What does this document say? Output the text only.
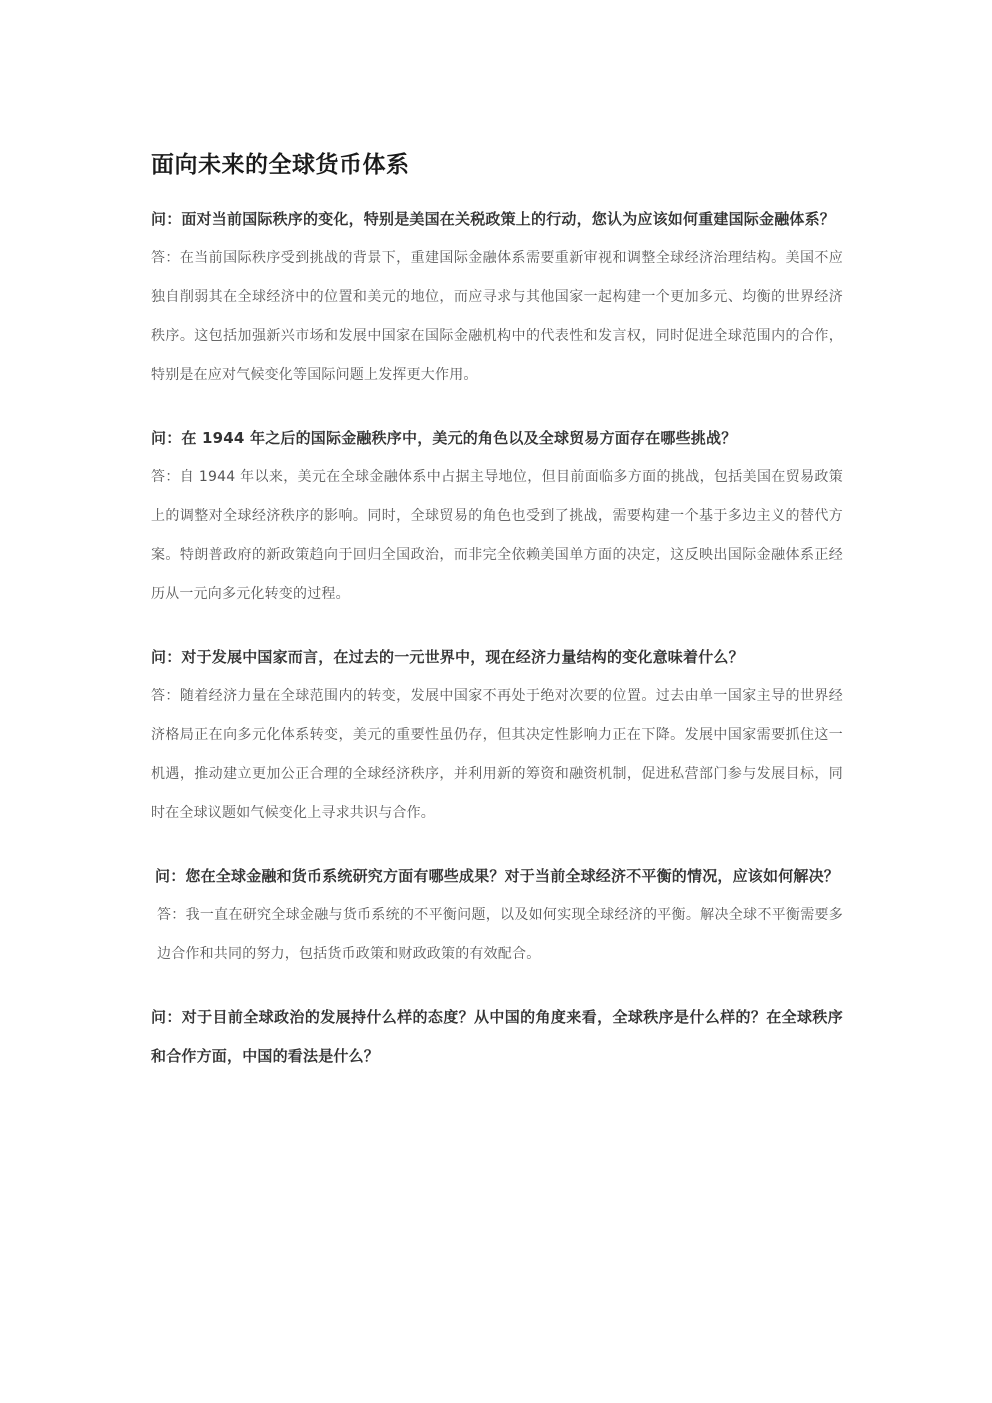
面向未来的全球货币体系

问：面对当前国际秩序的变化，特别是美国在关税政策上的行动，您认为应该如何重建国际金融体系？

答：在当前国际秩序受到挑战的背景下，重建国际金融体系需要重新审视和调整全球经济治理结构。美国不应独自削弱其在全球经济中的位置和美元的地位，而应寻求与其他国家一起构建一个更加多元、均衡的世界经济秩序。这包括加强新兴市场和发展中国家在国际金融机构中的代表性和发言权，同时促进全球范围内的合作，特别是在应对气候变化等国际问题上发挥更大作用。

问：在 1944 年之后的国际金融秩序中，美元的角色以及全球贸易方面存在哪些挑战？

答：自 1944 年以来，美元在全球金融体系中占据主导地位，但目前面临多方面的挑战，包括美国在贸易政策上的调整对全球经济秩序的影响。同时，全球贸易的角色也受到了挑战，需要构建一个基于多边主义的替代方案。特朗普政府的新政策趋向于回归全国政治，而非完全依赖美国单方面的决定，这反映出国际金融体系正经历从一元向多元化转变的过程。

问：对于发展中国家而言，在过去的一元世界中，现在经济力量结构的变化意味着什么？

答：随着经济力量在全球范围内的转变，发展中国家不再处于绝对次要的位置。过去由单一国家主导的世界经济格局正在向多元化体系转变，美元的重要性虽仍存，但其决定性影响力正在下降。发展中国家需要抓住这一机遇，推动建立更加公正合理的全球经济秩序，并利用新的筹资和融资机制，促进私营部门参与发展目标，同时在全球议题如气候变化上寻求共识与合作。

问：您在全球金融和货币系统研究方面有哪些成果？对于当前全球经济不平衡的情况，应该如何解决？

答：我一直在研究全球金融与货币系统的不平衡问题，以及如何实现全球经济的平衡。解决全球不平衡需要多边合作和共同的努力，包括货币政策和财政政策的有效配合。

问：对于目前全球政治的发展持什么样的态度？从中国的角度来看，全球秩序是什么样的？在全球秩序和合作方面，中国的看法是什么？
